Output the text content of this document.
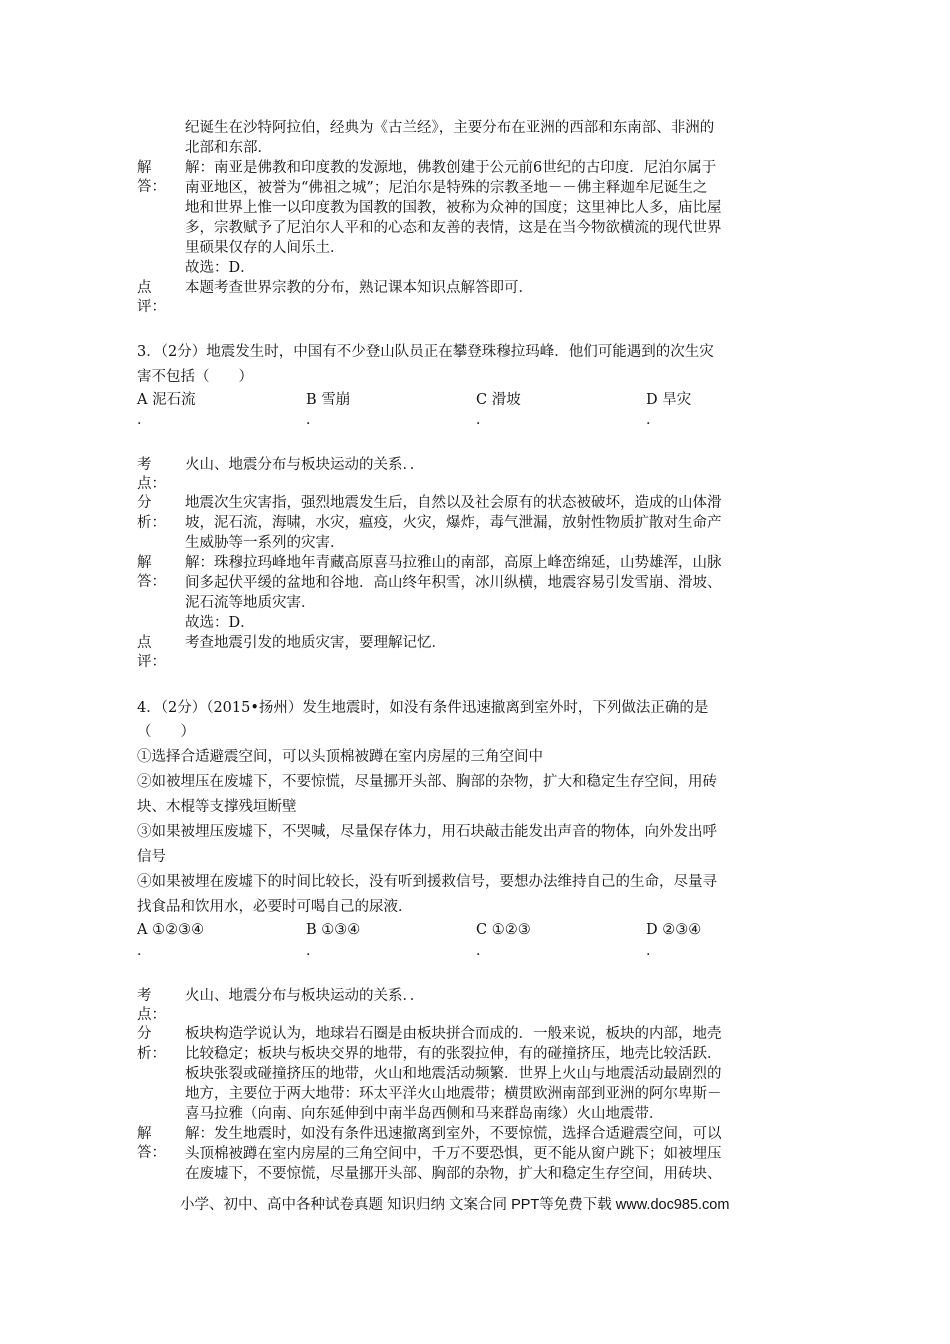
纪诞生在沙特阿拉伯，经典为《古兰经》，主要分布在亚洲的西部和东南部、非洲的
北部和东部．
解
答：
解：南亚是佛教和印度教的发源地，佛教创建于公元前6世纪的古印度．尼泊尔属于
南亚地区，被誉为“佛祖之城”；尼泊尔是特殊的宗教圣地－－佛主释迦牟尼诞生之
地和世界上惟一以印度教为国教的国教，被称为众神的国度；这里神比人多，庙比屋
多，宗教赋予了尼泊尔人平和的心态和友善的表情，这是在当今物欲横流的现代世界
里硕果仅存的人间乐土．
故选：D．
点
评：
本题考查世界宗教的分布，熟记课本知识点解答即可．
3．（2分）地震发生时，中国有不少登山队员正在攀登珠穆拉玛峰．他们可能遇到的次生灾
害不包括（　　）
A 泥石流	B 雪崩	C 滑坡	D 旱灾
.	.	.	.
考
点：
火山、地震分布与板块运动的关系．．
分
析：
地震次生灾害指，强烈地震发生后，自然以及社会原有的状态被破坏，造成的山体滑
坡，泥石流，海啸，水灾，瘟疫，火灾，爆炸，毒气泄漏，放射性物质扩散对生命产
生威胁等一系列的灾害．
解
答：
解：珠穆拉玛峰地年青藏高原喜马拉雅山的南部，高原上峰峦绵延，山势雄浑，山脉
间多起伏平缓的盆地和谷地．高山终年积雪，冰川纵横，地震容易引发雪崩、滑坡、
泥石流等地质灾害．
故选：D．
点
评：
考查地震引发的地质灾害，要理解记忆．
4．（2分）（2015•扬州）发生地震时，如没有条件迅速撤离到室外时，下列做法正确的是
（　　）
①选择合适避震空间，可以头顶棉被蹲在室内房屋的三角空间中
②如被埋压在废墟下，不要惊慌，尽量挪开头部、胸部的杂物，扩大和稳定生存空间，用砖
块、木棍等支撑残垣断壁
③如果被埋压废墟下，不哭喊，尽量保存体力，用石块敲击能发出声音的物体，向外发出呼
信号
④如果被埋在废墟下的时间比较长，没有听到援救信号，要想办法维持自己的生命，尽量寻
找食品和饮用水，必要时可喝自己的尿液．
A ①②③④	B ①③④	C ①②③	D ②③④
.	.	.	.
考
点：
火山、地震分布与板块运动的关系．．
分
析：
板块构造学说认为，地球岩石圈是由板块拼合而成的．一般来说，板块的内部，地壳
比较稳定；板块与板块交界的地带，有的张裂拉伸，有的碰撞挤压，地壳比较活跃．
板块张裂或碰撞挤压的地带，火山和地震活动频繁．世界上火山与地震活动最剧烈的
地方，主要位于两大地带：环太平洋火山地震带；横贯欧洲南部到亚洲的阿尔卑斯－
喜马拉雅（向南、向东延伸到中南半岛西侧和马来群岛南缘）火山地震带．
解
答：
解：发生地震时，如没有条件迅速撤离到室外，不要惊慌，选择合适避震空间，可以
头顶棉被蹲在室内房屋的三角空间中，千万不要恐惧，更不能从窗户跳下；如被埋压
在废墟下，不要惊慌，尽量挪开头部、胸部的杂物，扩大和稳定生存空间，用砖块、
小学、初中、高中各种试卷真题 知识归纳 文案合同 PPT等免费下载 www.doc985.com
